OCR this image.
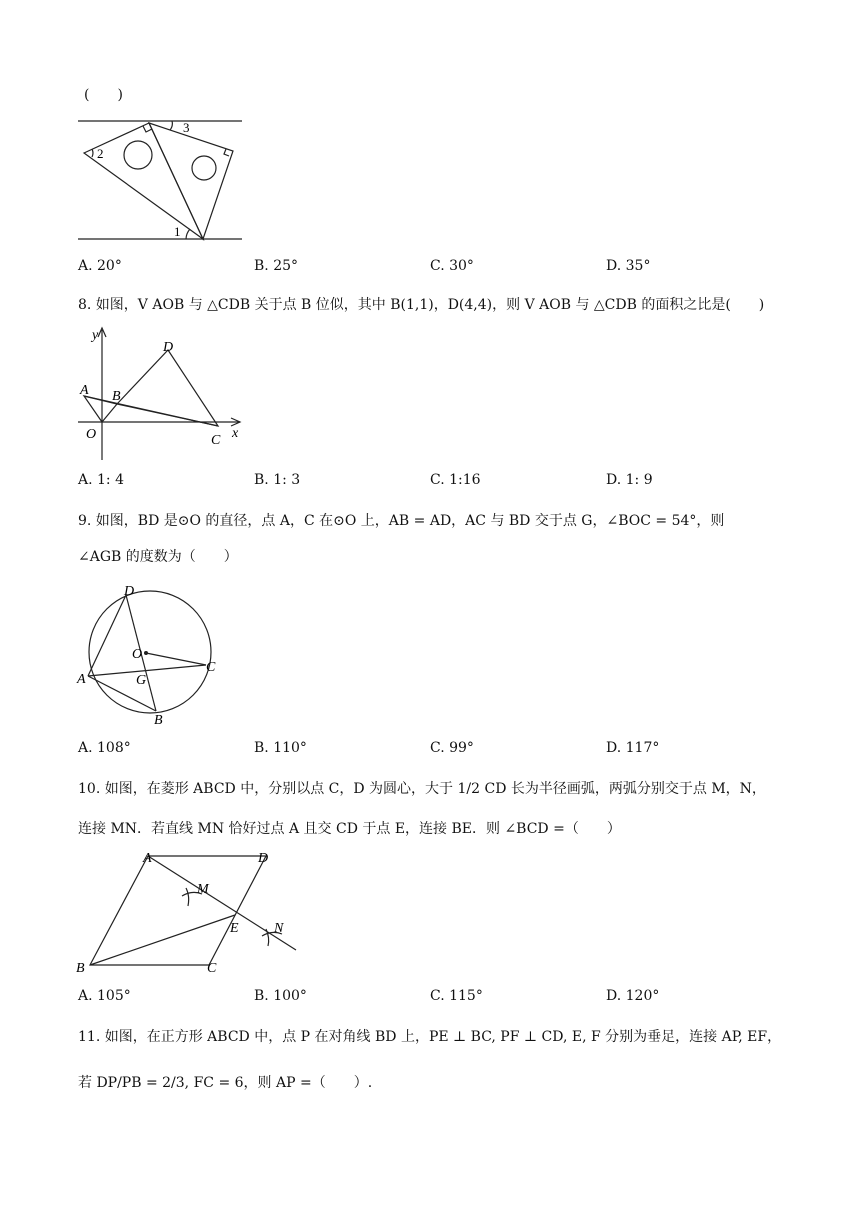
(　　)
1
2
3
A. 20°	B. 25°	C. 30°	D. 35°
8. 如图，V AOB 与 △CDB 关于点 B 位似，其中 B(1,1)，D(4,4)，则 V AOB 与 △CDB 的面积之比是(　　)
y
x
A B
O
D
C
A. 1: 4	B. 1: 3	C. 1:16	D. 1: 9
9. 如图，BD 是⊙O 的直径，点 A，C 在⊙O 上，AB = AD，AC 与 BD 交于点 G，∠BOC = 54°，则
∠AGB 的度数为（　　）
D
O
C
A	G
B
A. 108°	B. 110°	C. 99°	D. 117°
10. 如图，在菱形 ABCD 中，分别以点 C，D 为圆心，大于 1/2 CD 长为半径画弧，两弧分别交于点 M，N，
连接 MN．若直线 MN 恰好过点 A 且交 CD 于点 E，连接 BE．则 ∠BCD =（　　）
A	D
M
E	N
B	C
A. 105°	B. 100°	C. 115°	D. 120°
11. 如图，在正方形 ABCD 中，点 P 在对角线 BD 上，PE ⊥ BC, PF ⊥ CD, E, F 分别为垂足，连接 AP, EF，
若 DP/PB = 2/3, FC = 6，则 AP =（　　）.
